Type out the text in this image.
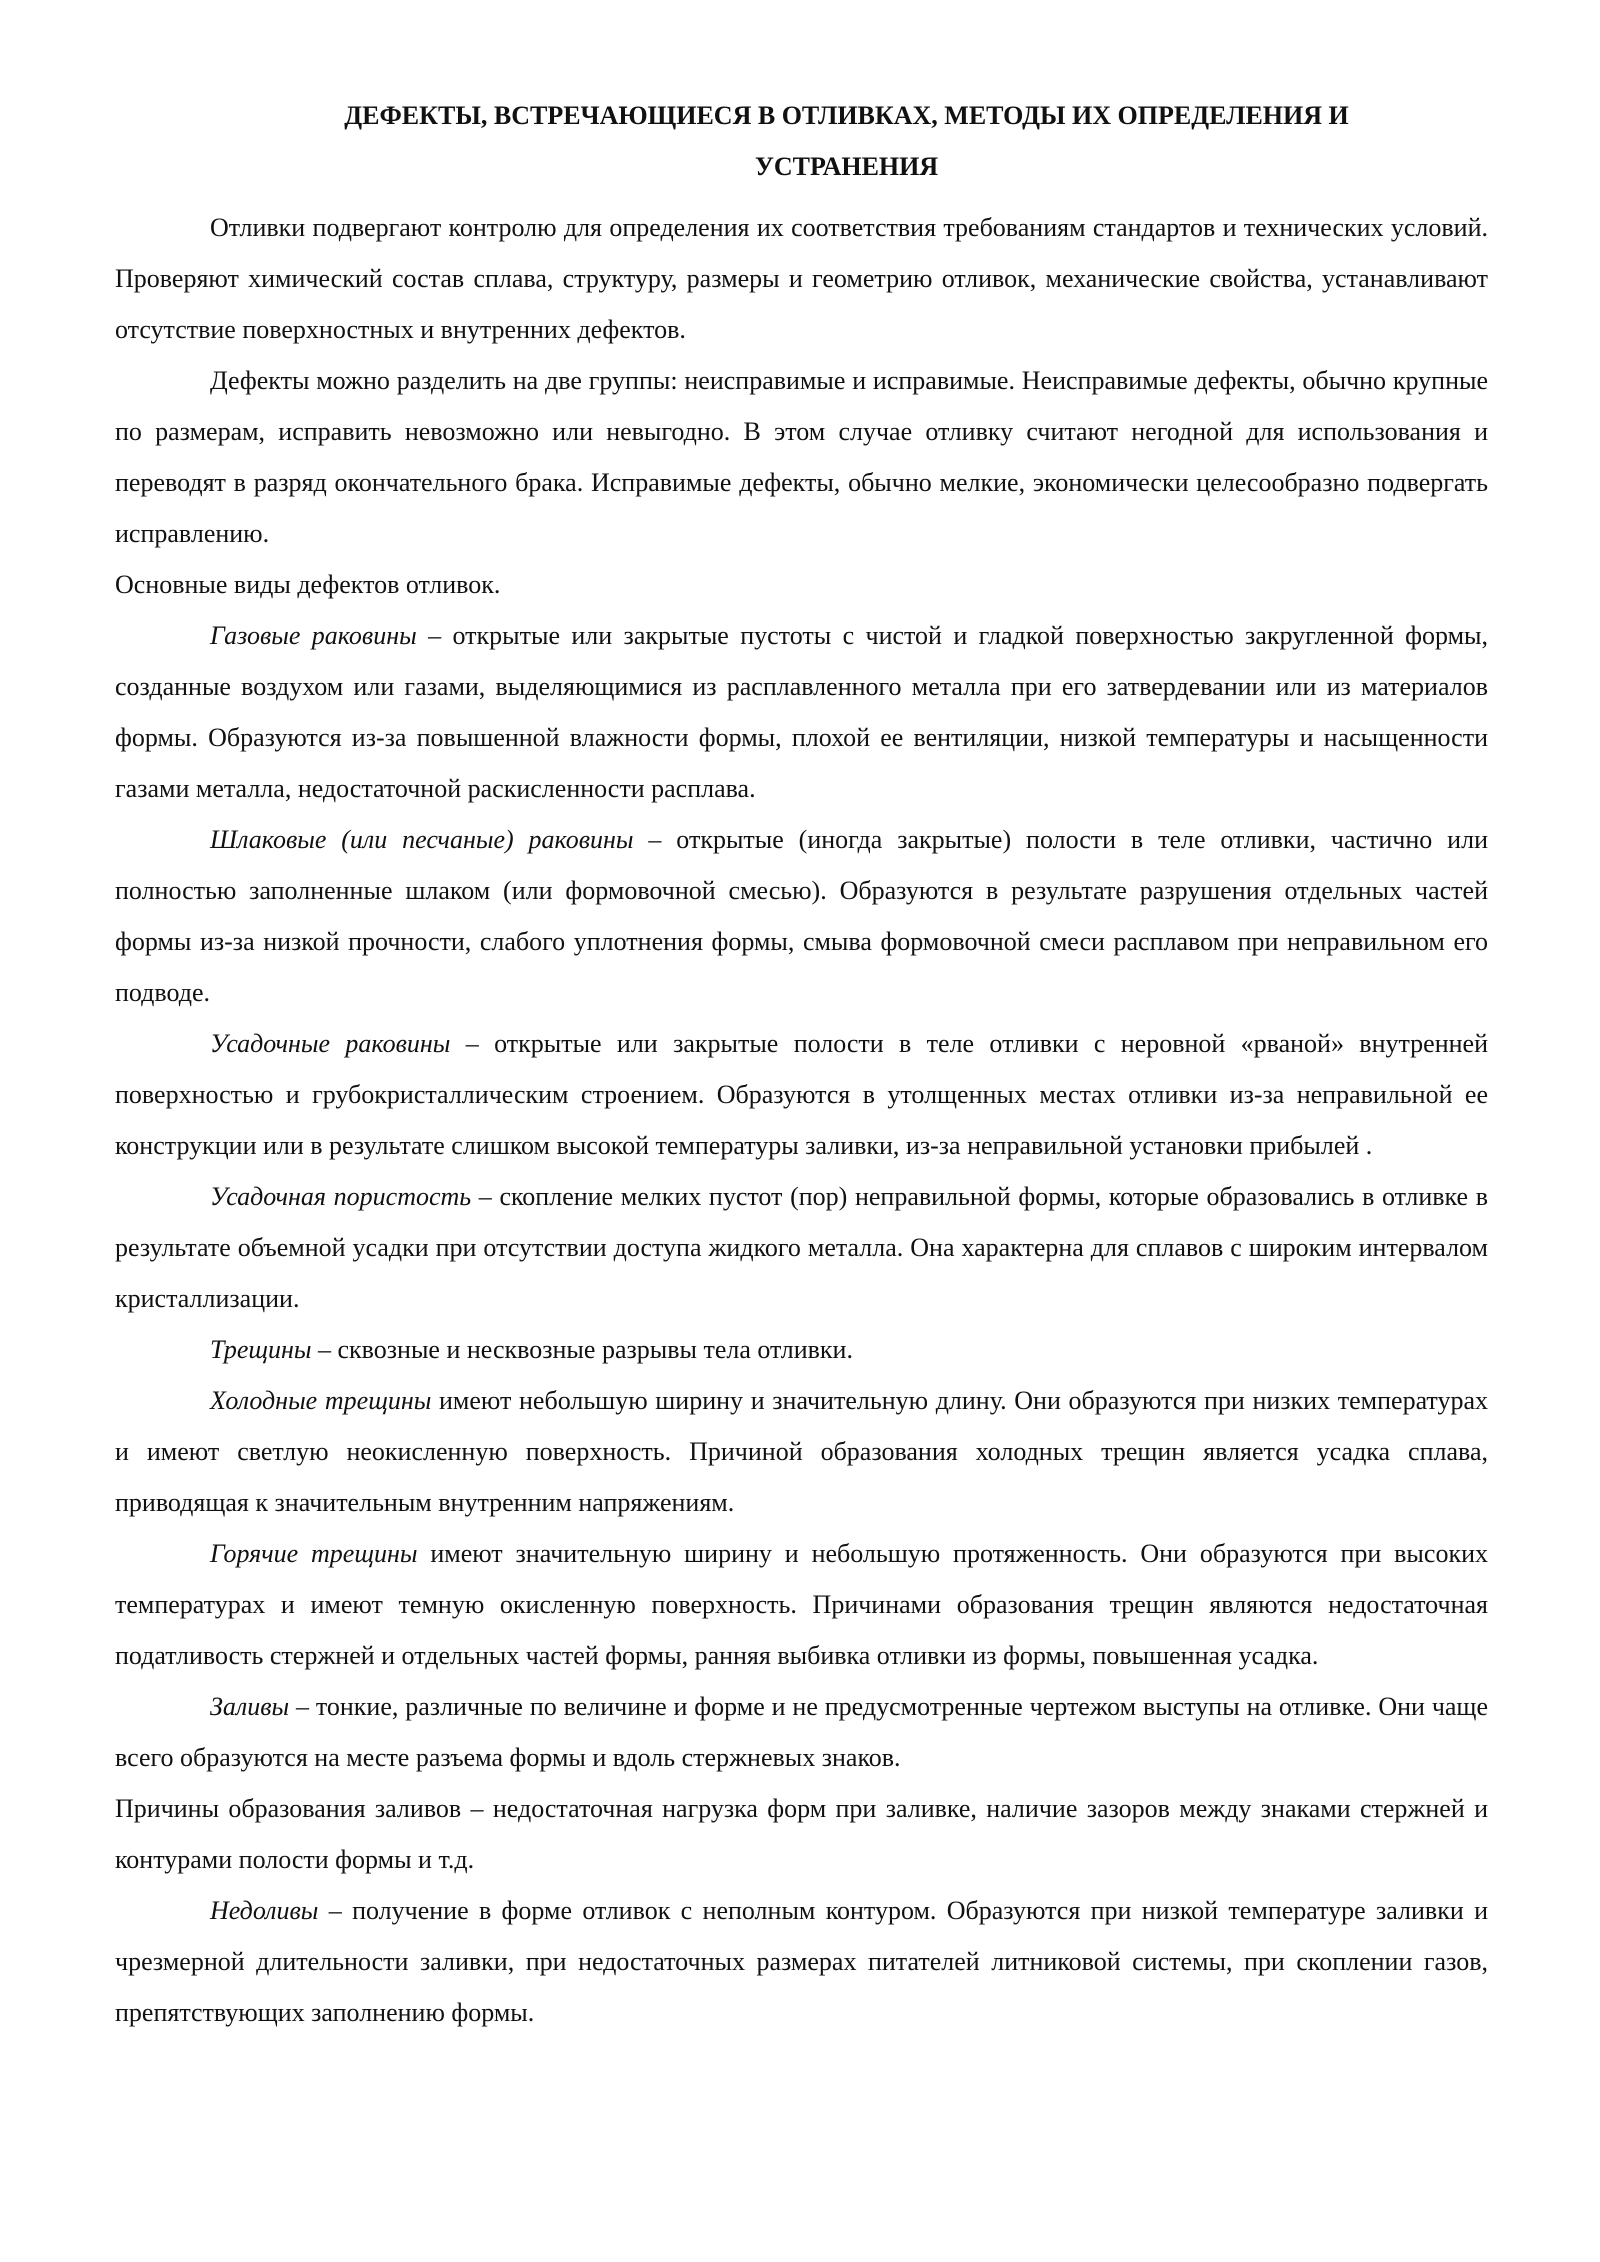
ДЕФЕКТЫ, ВСТРЕЧАЮЩИЕСЯ В ОТЛИВКАХ, МЕТОДЫ ИХ ОПРЕДЕЛЕНИЯ И
УСТРАНЕНИЯ

Отливки подвергают контролю для определения их соответствия требованиям стандартов и технических условий. Проверяют химический состав сплава, структуру, размеры и геометрию отливок, механические свойства, устанавливают отсутствие поверхностных и внутренних дефектов.

Дефекты можно разделить на две группы: неисправимые и исправимые. Неисправимые дефекты, обычно крупные по размерам, исправить невозможно или невыгодно. В этом случае отливку считают негодной для использования и переводят в разряд окончательного брака. Исправимые дефекты, обычно мелкие, экономически целесообразно подвергать исправлению.

Основные виды дефектов отливок.

Газовые раковины – открытые или закрытые пустоты с чистой и гладкой поверхностью закругленной формы, созданные воздухом или газами, выделяющимися из расплавленного металла при его затвердевании или из материалов формы. Образуются из-за повышенной влажности формы, плохой ее вентиляции, низкой температуры и насыщенности газами металла, недостаточной раскисленности расплава.

Шлаковые (или песчаные) раковины – открытые (иногда закрытые) полости в теле отливки, частично или полностью заполненные шлаком (или формовочной смесью). Образуются в результате разрушения отдельных частей формы из-за низкой прочности, слабого уплотнения формы, смыва формовочной смеси расплавом при неправильном его подводе.

Усадочные раковины – открытые или закрытые полости в теле отливки с неровной «рваной» внутренней поверхностью и грубокристаллическим строением. Образуются в утолщенных местах отливки из-за неправильной ее конструкции или в результате слишком высокой температуры заливки, из-за неправильной установки прибылей .

Усадочная пористость – скопление мелких пустот (пор) неправильной формы, которые образовались в отливке в результате объемной усадки при отсутствии доступа жидкого металла. Она характерна для сплавов с широким интервалом кристаллизации.

Трещины – сквозные и несквозные разрывы тела отливки.

Холодные трещины имеют небольшую ширину и значительную длину. Они образуются при низких температурах и имеют светлую неокисленную поверхность. Причиной образования холодных трещин является усадка сплава, приводящая к значительным внутренним напряжениям.

Горячие трещины имеют значительную ширину и небольшую протяженность. Они образуются при высоких температурах и имеют темную окисленную поверхность. Причинами образования трещин являются недостаточная податливость стержней и отдельных частей формы, ранняя выбивка отливки из формы, повышенная усадка.

Заливы – тонкие, различные по величине и форме и не предусмотренные чертежом выступы на отливке. Они чаще всего образуются на месте разъема формы и вдоль стержневых знаков.

Причины образования заливов – недостаточная нагрузка форм при заливке, наличие зазоров между знаками стержней и контурами полости формы и т.д.

Недоливы – получение в форме отливок с неполным контуром. Образуются при низкой температуре заливки и чрезмерной длительности заливки, при недостаточных размерах питателей литниковой системы, при скоплении газов, препятствующих заполнению формы.
